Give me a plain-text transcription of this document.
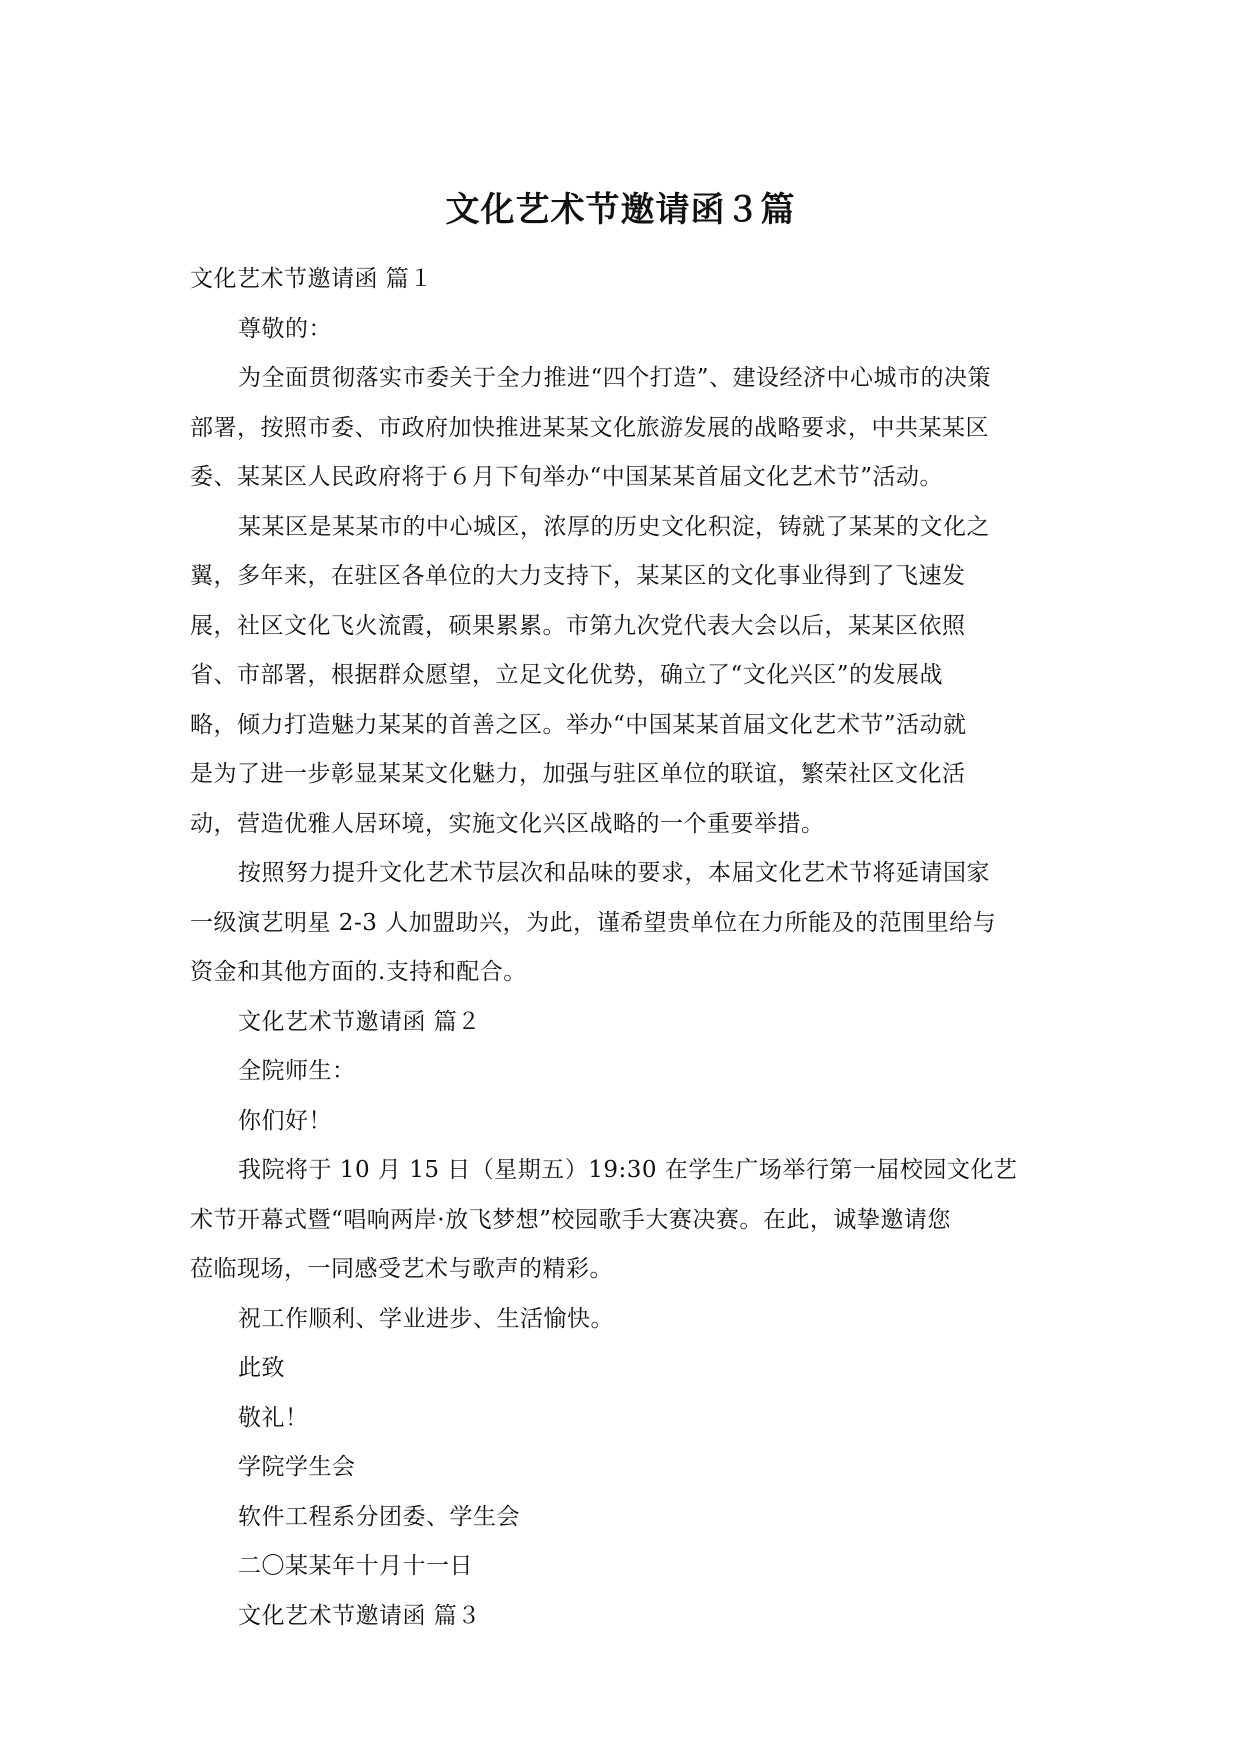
文化艺术节邀请函３篇
文化艺术节邀请函 篇１
尊敬的：
为全面贯彻落实市委关于全力推进“四个打造”、建设经济中心城市的决策
部署，按照市委、市政府加快推进某某文化旅游发展的战略要求，中共某某区
委、某某区人民政府将于６月下旬举办“中国某某首届文化艺术节”活动。
某某区是某某市的中心城区，浓厚的历史文化积淀，铸就了某某的文化之
翼，多年来，在驻区各单位的大力支持下，某某区的文化事业得到了飞速发
展，社区文化飞火流霞，硕果累累。市第九次党代表大会以后，某某区依照
省、市部署，根据群众愿望，立足文化优势，确立了“文化兴区”的发展战
略，倾力打造魅力某某的首善之区。举办“中国某某首届文化艺术节”活动就
是为了进一步彰显某某文化魅力，加强与驻区单位的联谊，繁荣社区文化活
动，营造优雅人居环境，实施文化兴区战略的一个重要举措。
按照努力提升文化艺术节层次和品味的要求，本届文化艺术节将延请国家
一级演艺明星 2-3 人加盟助兴，为此，谨希望贵单位在力所能及的范围里给与
资金和其他方面的.支持和配合。
文化艺术节邀请函 篇２
全院师生：
你们好！
我院将于 10 月 15 日（星期五）19:30 在学生广场举行第一届校园文化艺
术节开幕式暨“唱响两岸·放飞梦想”校园歌手大赛决赛。在此，诚挚邀请您
莅临现场，一同感受艺术与歌声的精彩。
祝工作顺利、学业进步、生活愉快。
此致
敬礼！
学院学生会
软件工程系分团委、学生会
二〇某某年十月十一日
文化艺术节邀请函 篇３
